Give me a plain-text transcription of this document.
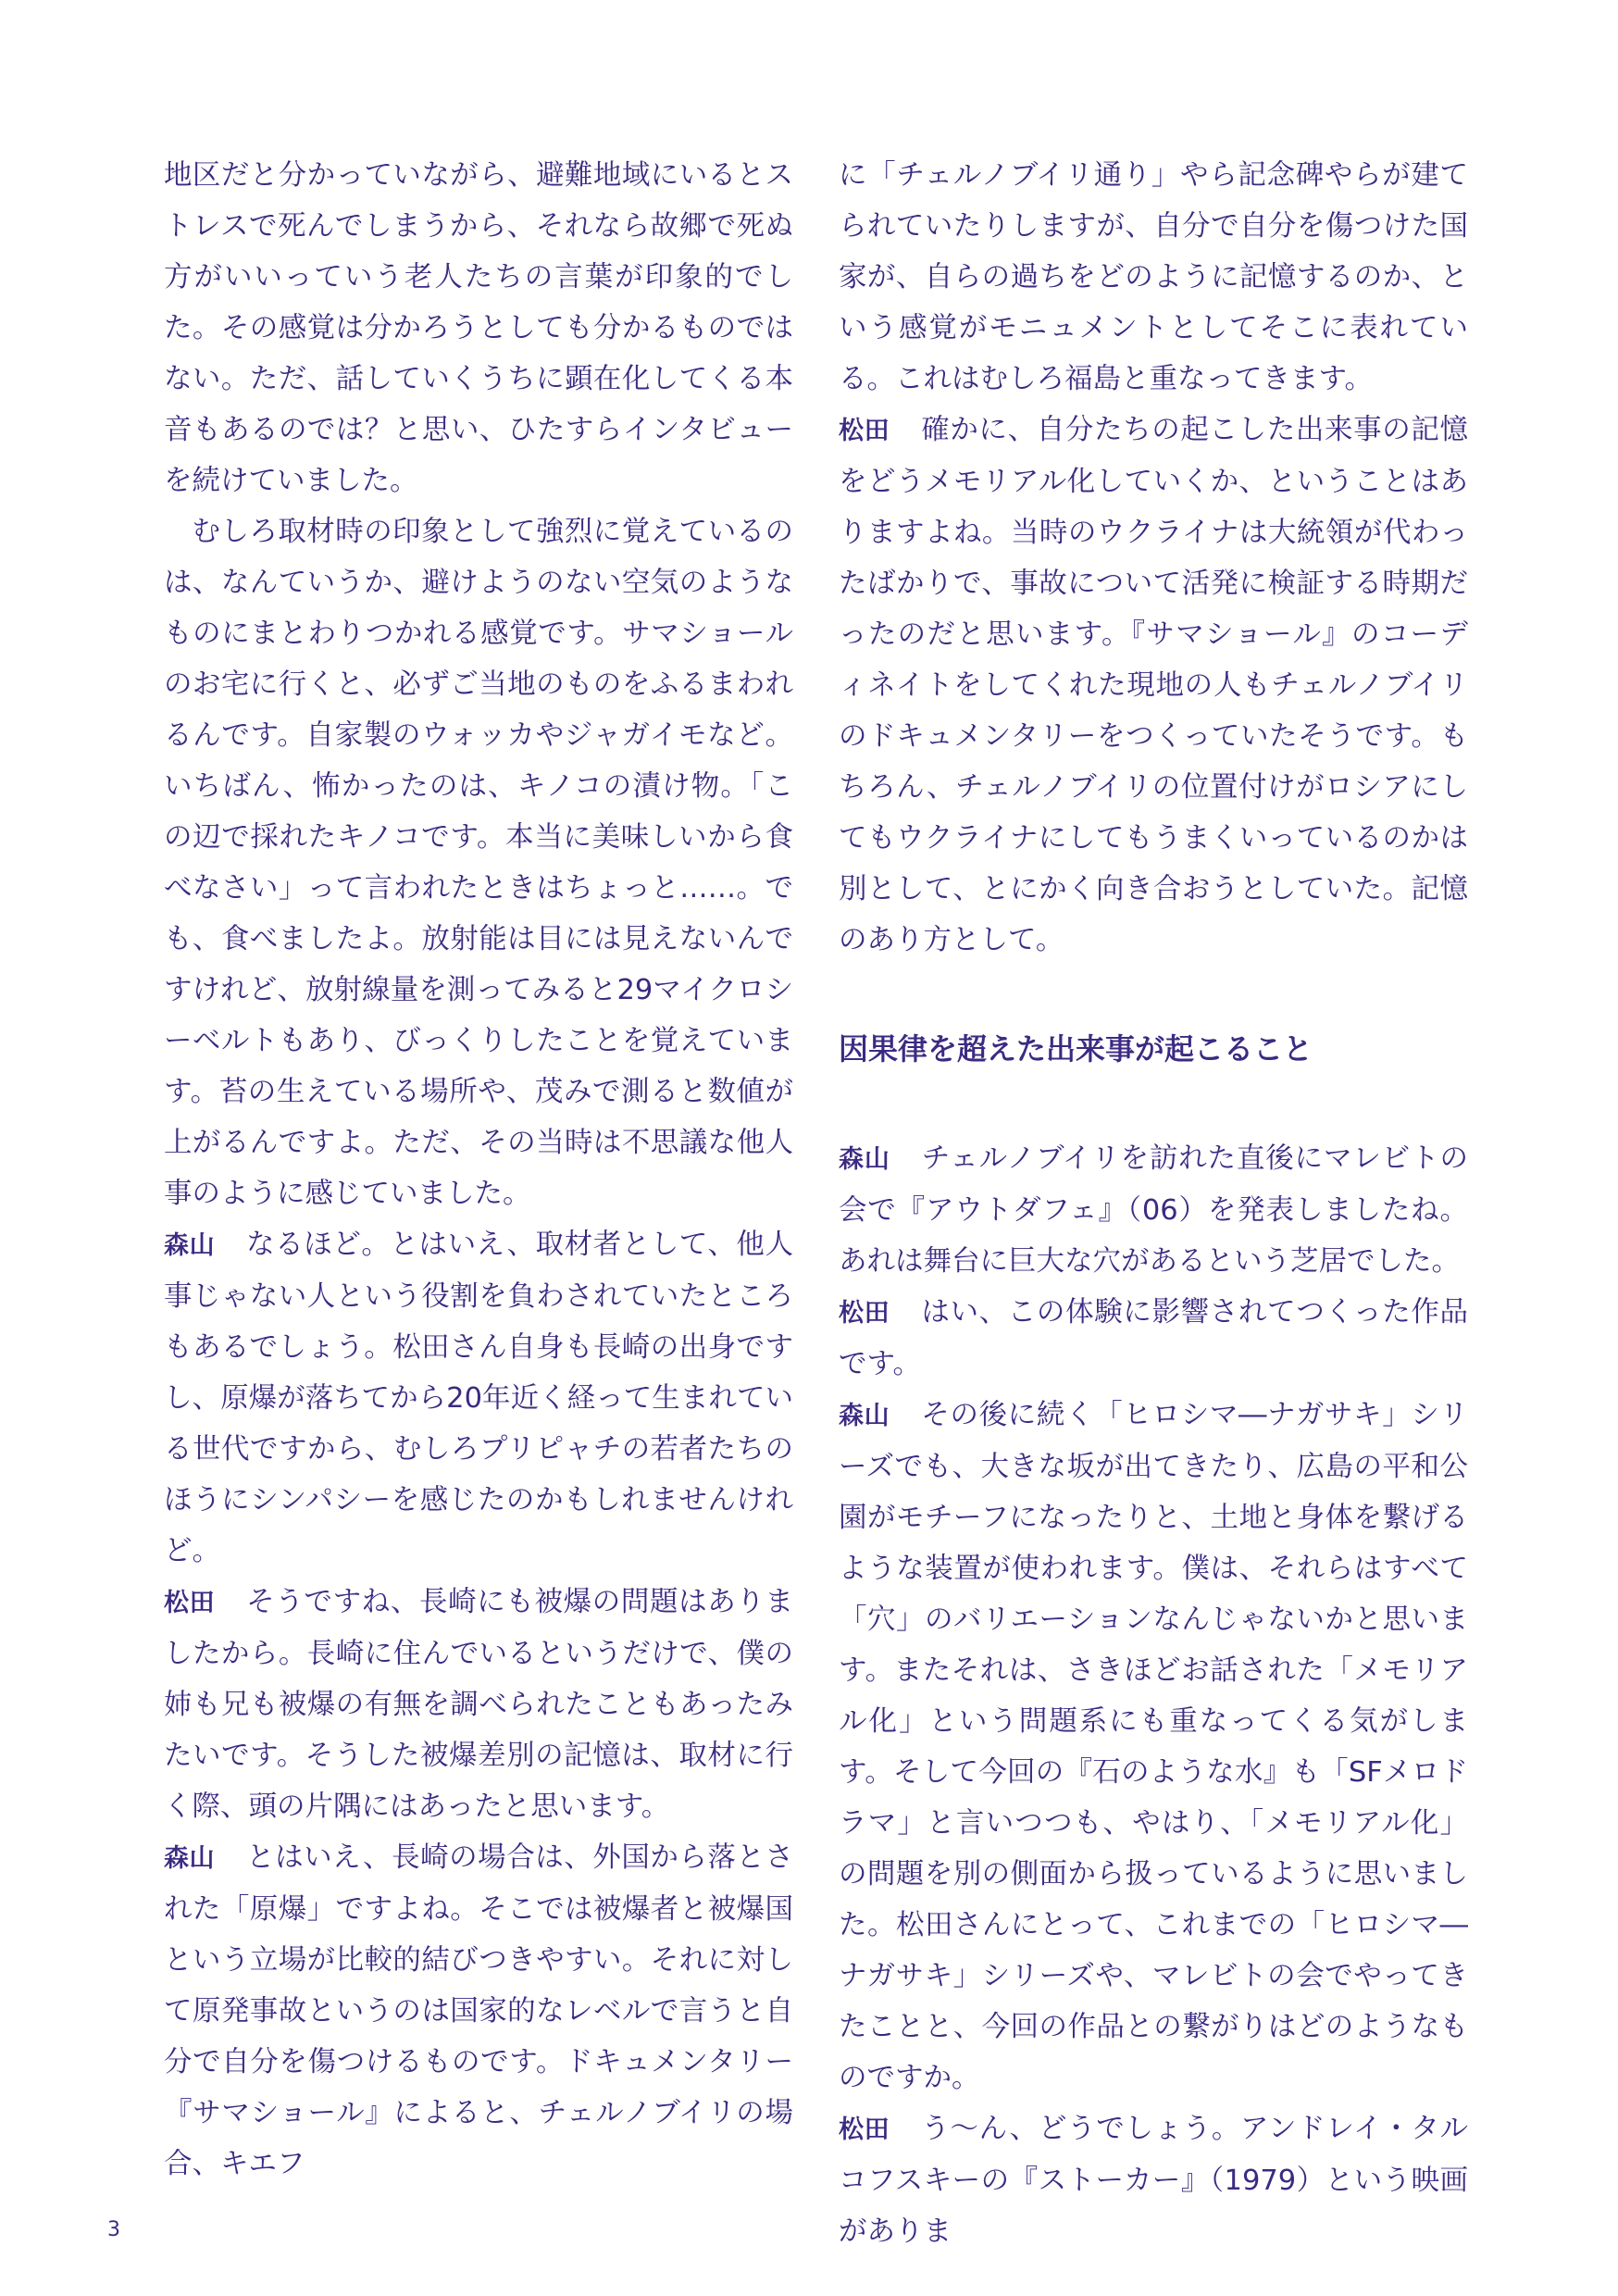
地区だと分かっていながら、避難地域にいるとストレスで死んでしまうから、それなら故郷で死ぬ方がいいっていう老人たちの言葉が印象的でした。その感覚は分かろうとしても分かるものではない。ただ、話していくうちに顕在化してくる本音もあるのでは？と思い、ひたすらインタビューを続けていました。

むしろ取材時の印象として強烈に覚えているのは、なんていうか、避けようのない空気のようなものにまとわりつかれる感覚です。サマショールのお宅に行くと、必ずご当地のものをふるまわれるんです。自家製のウォッカやジャガイモなど。いちばん、怖かったのは、キノコの漬け物。「この辺で採れたキノコです。本当に美味しいから食べなさい」って言われたときはちょっと……。でも、食べましたよ。放射能は目には見えないんですけれど、放射線量を測ってみると29マイクロシーベルトもあり、びっくりしたことを覚えています。苔の生えている場所や、茂みで測ると数値が上がるんですよ。ただ、その当時は不思議な他人事のように感じていました。

森山 なるほど。とはいえ、取材者として、他人事じゃない人という役割を負わされていたところもあるでしょう。松田さん自身も長崎の出身ですし、原爆が落ちてから20年近く経って生まれている世代ですから、むしろプリピャチの若者たちのほうにシンパシーを感じたのかもしれませんけれど。

松田 そうですね、長崎にも被爆の問題はありましたから。長崎に住んでいるというだけで、僕の姉も兄も被爆の有無を調べられたこともあったみたいです。そうした被爆差別の記憶は、取材に行く際、頭の片隅にはあったと思います。

森山 とはいえ、長崎の場合は、外国から落とされた「原爆」ですよね。そこでは被爆者と被爆国という立場が比較的結びつきやすい。それに対して原発事故というのは国家的なレベルで言うと自分で自分を傷つけるものです。ドキュメンタリー『サマショール』によると、チェルノブイリの場合、キエフ

に「チェルノブイリ通り」やら記念碑やらが建てられていたりしますが、自分で自分を傷つけた国家が、自らの過ちをどのように記憶するのか、という感覚がモニュメントとしてそこに表れている。これはむしろ福島と重なってきます。

松田 確かに、自分たちの起こした出来事の記憶をどうメモリアル化していくか、ということはありますよね。当時のウクライナは大統領が代わったばかりで、事故について活発に検証する時期だったのだと思います。『サマショール』のコーディネイトをしてくれた現地の人もチェルノブイリのドキュメンタリーをつくっていたそうです。もちろん、チェルノブイリの位置付けがロシアにしてもウクライナにしてもうまくいっているのかは別として、とにかく向き合おうとしていた。記憶のあり方として。

因果律を超えた出来事が起こること

森山 チェルノブイリを訪れた直後にマレビトの会で『アウトダフェ』（06）を発表しましたね。あれは舞台に巨大な穴があるという芝居でした。

松田 はい、この体験に影響されてつくった作品です。

森山 その後に続く「ヒロシマ―ナガサキ」シリーズでも、大きな坂が出てきたり、広島の平和公園がモチーフになったりと、土地と身体を繋げるような装置が使われます。僕は、それらはすべて「穴」のバリエーションなんじゃないかと思います。またそれは、さきほどお話された「メモリアル化」という問題系にも重なってくる気がします。そして今回の『石のような水』も「SFメロドラマ」と言いつつも、やはり、「メモリアル化」の問題を別の側面から扱っているように思いました。松田さんにとって、これまでの「ヒロシマ―ナガサキ」シリーズや、マレビトの会でやってきたことと、今回の作品との繋がりはどのようなものですか。

松田 う〜ん、どうでしょう。アンドレイ・タルコフスキーの『ストーカー』（1979）という映画がありま

3
